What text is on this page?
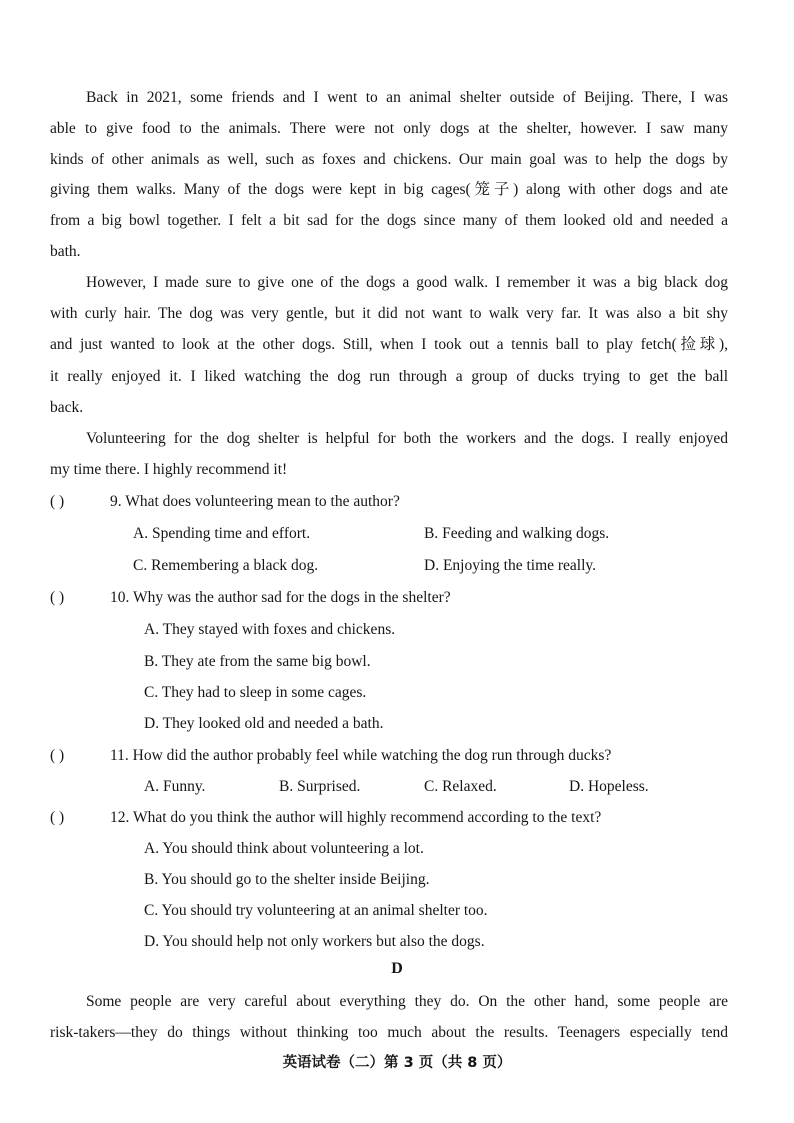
Back in 2021, some friends and I went to an animal shelter outside of Beijing. There, I was
able to give food to the animals. There were not only dogs at the shelter, however. I saw many
kinds of other animals as well, such as foxes and chickens. Our main goal was to help the dogs by
giving them walks. Many of the dogs were kept in big cages(笼子) along with other dogs and ate
from a big bowl together. I felt a bit sad for the dogs since many of them looked old and needed a
bath.
However, I made sure to give one of the dogs a good walk. I remember it was a big black dog
with curly hair. The dog was very gentle, but it did not want to walk very far. It was also a bit shy
and just wanted to look at the other dogs. Still, when I took out a tennis ball to play fetch(捡球),
it really enjoyed it. I liked watching the dog run through a group of ducks trying to get the ball
back.
Volunteering for the dog shelter is helpful for both the workers and the dogs. I really enjoyed
my time there. I highly recommend it!
( )	9. What does volunteering mean to the author?
A. Spending time and effort.	B. Feeding and walking dogs.
C. Remembering a black dog.	D. Enjoying the time really.
( )	10. Why was the author sad for the dogs in the shelter?
A. They stayed with foxes and chickens.
B. They ate from the same big bowl.
C. They had to sleep in some cages.
D. They looked old and needed a bath.
( )	11. How did the author probably feel while watching the dog run through ducks?
A. Funny.	B. Surprised.	C. Relaxed.	D. Hopeless.
( )	12. What do you think the author will highly recommend according to the text?
A. You should think about volunteering a lot.
B. You should go to the shelter inside Beijing.
C. You should try volunteering at an animal shelter too.
D. You should help not only workers but also the dogs.
D
Some people are very careful about everything they do. On the other hand, some people are
risk-takers—they do things without thinking too much about the results. Teenagers especially tend
英语试卷（二）第 3 页（共 8 页）
